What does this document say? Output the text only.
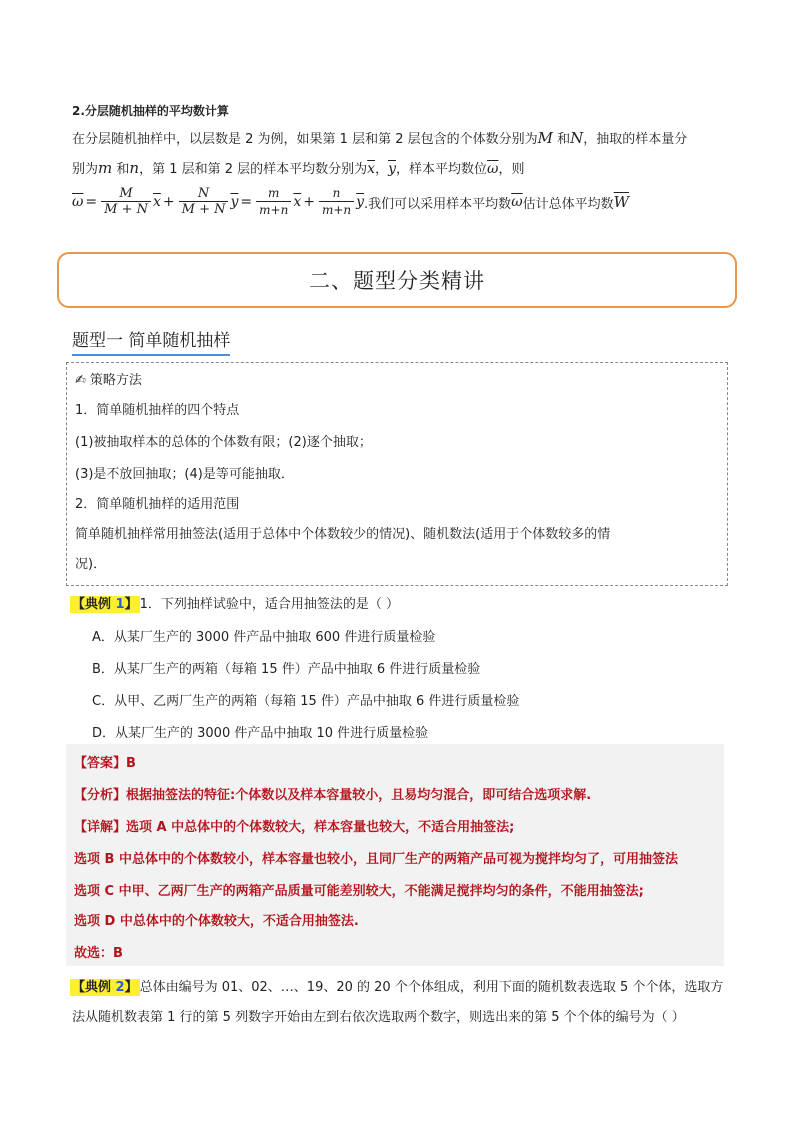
2.分层随机抽样的平均数计算
在分层随机抽样中，以层数是 2 为例，如果第 1 层和第 2 层包含的个体数分别为M 和N，抽取的样本量分
别为m 和n，第 1 层和第 2 层的样本平均数分别为$\overline{x}$，$\overline{y}$，样本平均数位$\overline{\omega}$，则
$\overline{\omega} = \frac{M}{M + N} \overline{x} + \frac{N}{M + N} \overline{y} = \frac{m}{m+n} \overline{x} + \frac{n}{m+n} \overline{y}$ .我们可以采用样本平均数 $\overline{\omega}$ 估计总体平均数 $\overline{W}$
二、题型分类精讲
题型一 简单随机抽样
✍ 策略方法
1．简单随机抽样的四个特点
(1)被抽取样本的总体的个体数有限；(2)逐个抽取；
(3)是不放回抽取；(4)是等可能抽取．
2．简单随机抽样的适用范围
简单随机抽样常用抽签法(适用于总体中个体数较少的情况)、随机数法(适用于个体数较多的情
况)．
【典例 1】 1．下列抽样试验中，适合用抽签法的是（ ）
A．从某厂生产的 3000 件产品中抽取 600 件进行质量检验
B．从某厂生产的两箱（每箱 15 件）产品中抽取 6 件进行质量检验
C．从甲、乙两厂生产的两箱（每箱 15 件）产品中抽取 6 件进行质量检验
D．从某厂生产的 3000 件产品中抽取 10 件进行质量检验
【答案】B
【分析】根据抽签法的特征:个体数以及样本容量较小，且易均匀混合，即可结合选项求解.
【详解】选项 A 中总体中的个体数较大，样本容量也较大，不适合用抽签法;
选项 B 中总体中的个体数较小，样本容量也较小，且同厂生产的两箱产品可视为搅拌均匀了，可用抽签法
选项 C 中甲、乙两厂生产的两箱产品质量可能差别较大，不能满足搅拌均匀的条件，不能用抽签法;
选项 D 中总体中的个体数较大，不适合用抽签法.
故选：B
【典例 2】 总体由编号为 01、02、…、19、20 的 20 个个体组成，利用下面的随机数表选取 5 个个体，选取方
法从随机数表第 1 行的第 5 列数字开始由左到右依次选取两个数字，则选出来的第 5 个个体的编号为（ ）
